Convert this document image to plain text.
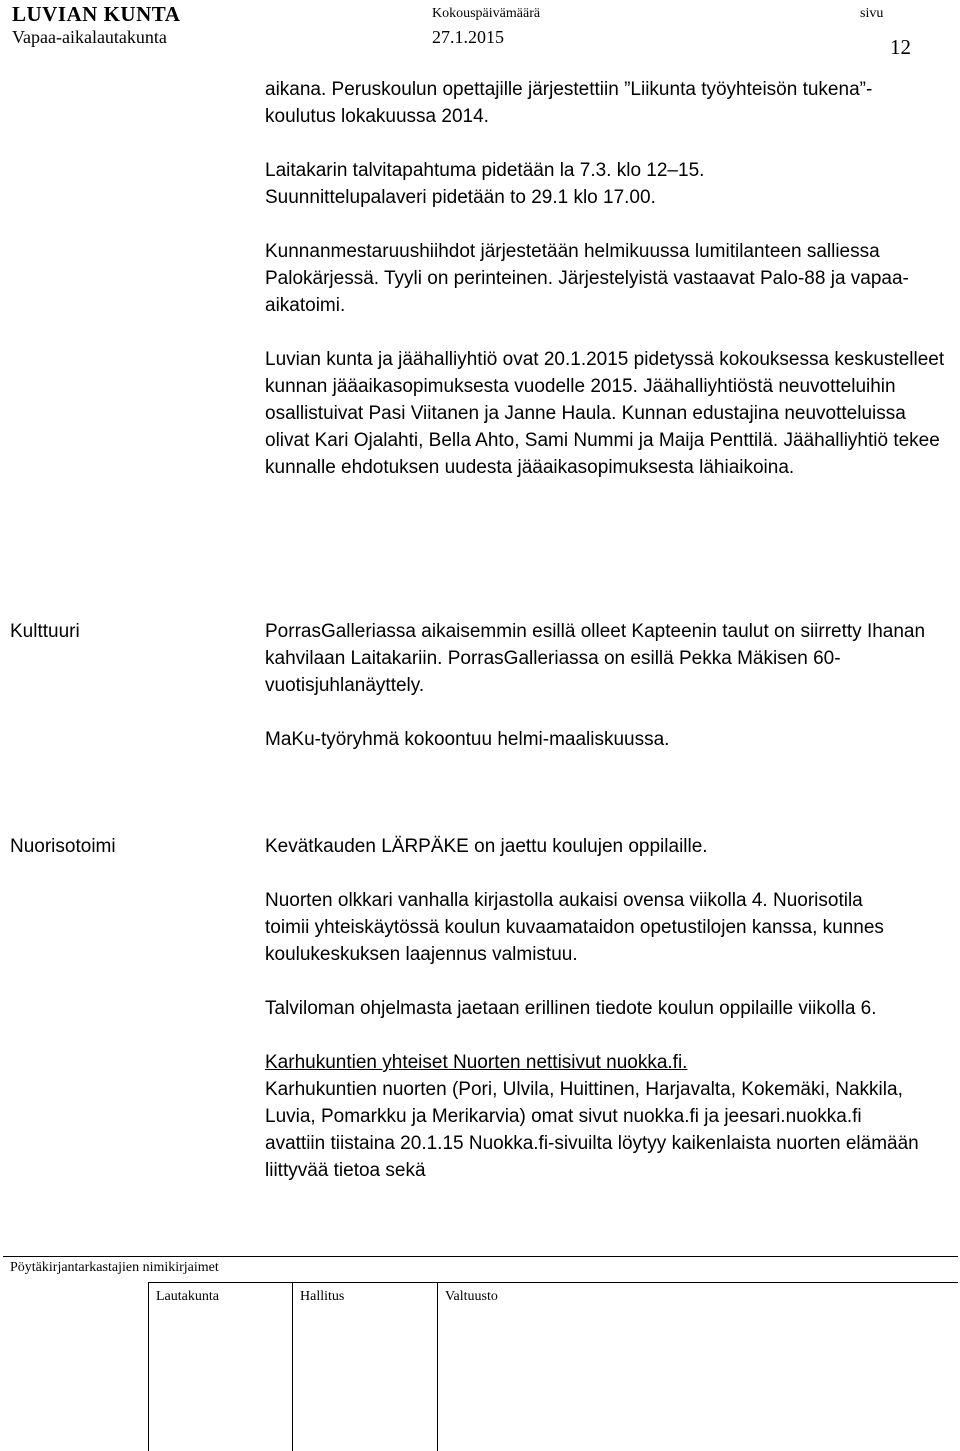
LUVIAN KUNTA
Vapaa-aikalautakunta
Kokouspäivämäärä
27.1.2015
sivu
12

aikana. Peruskoulun opettajille järjestettiin ”Liikunta työyhteisön tukena”- koulutus lokakuussa 2014.

Laitakarin talvitapahtuma pidetään la 7.3. klo 12–15. Suunnittelupalaveri pidetään to 29.1 klo 17.00.

Kunnanmestaruushiihdot järjestetään helmikuussa lumitilanteen salliessa Palokärjessä. Tyyli on perinteinen. Järjestelyistä vastaavat Palo-88 ja vapaa-aikatoimi.

Luvian kunta ja jäähalliyhtiö ovat 20.1.2015 pidetyssä kokouksessa keskustelleet kunnan jääaikasopimuksesta vuodelle 2015. Jäähalliyhtiöstä neuvotteluihin osallistuivat Pasi Viitanen ja Janne Haula. Kunnan edustajina neuvotteluissa olivat Kari Ojalahti, Bella Ahto, Sami Nummi ja Maija Penttilä. Jäähalliyhtiö tekee kunnalle ehdotuksen uudesta jääaikasopimuksesta lähiaikoina.

Kulttuuri	PorrasGalleriassa aikaisemmin esillä olleet Kapteenin taulut on siirretty Ihanan kahvilaan Laitakariin. PorrasGalleriassa on esillä Pekka Mäkisen 60-vuotisjuhlanäyttely.

MaKu-työryhmä kokoontuu helmi-maaliskuussa.

Nuorisotoimi	Kevätkauden LÄRPÄKE on jaettu koulujen oppilaille.

Nuorten olkkari vanhalla kirjastolla aukaisi ovensa viikolla 4. Nuorisotila toimii yhteiskäytössä koulun kuvaamataidon opetustilojen kanssa, kunnes koulukeskuksen laajennus valmistuu.

Talviloman ohjelmasta jaetaan erillinen tiedote koulun oppilaille viikolla 6.

Karhukuntien yhteiset Nuorten nettisivut nuokka.fi.

Karhukuntien nuorten (Pori, Ulvila, Huittinen, Harjavalta, Kokemäki, Nakkila, Luvia, Pomarkku ja Merikarvia) omat sivut nuokka.fi ja jeesari.nuokka.fi avattiin tiistaina 20.1.15 Nuokka.fi-sivuilta löytyy kaikenlaista nuorten elämään liittyvää tietoa sekä

Pöytäkirjantarkastajien nimikirjaimet
Lautakunta	Hallitus	Valtuusto
